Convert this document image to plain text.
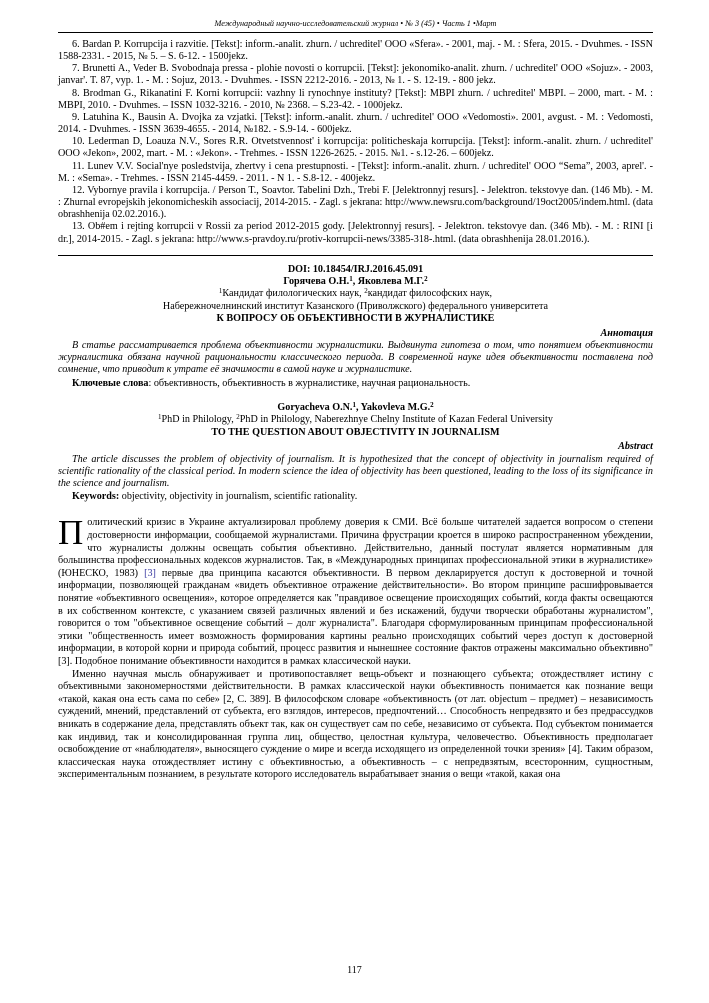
Международный научно-исследовательский журнал • № 3 (45) • Часть 1 •Март

6. Bardan P. Korrupcija i razvitie. [Tekst]: inform.-analit. zhurn. / uchreditel' OOO «Sfera». - 2001, maj. - M. : Sfera, 2015. - Dvuhmes. - ISSN 1588-2331. - 2015, № 5. – S. 6-12. - 1500jekz.

7. Brunetti A., Veder B. Svobodnaja pressa - plohie novosti o korrupcii. [Tekst]: jekonomiko-analit. zhurn. / uchreditel' OOO «Sojuz». - 2003, janvar'. T. 87, vyp. 1. - M. : Sojuz, 2013. - Dvuhmes. - ISSN 2212-2016. - 2013, № 1. - S. 12-19. - 800 jekz.

8. Brodman G., Rikanatini F. Korni korrupcii: vazhny li rynochnye instituty? [Tekst]: MBPI zhurn. / uchreditel' MBPI. – 2000, mart. - M. : MBPI, 2010. - Dvuhmes. – ISSN 1032-3216. - 2010, № 2368. – S.23-42. - 1000jekz.

9. Latuhina K., Bausin A. Dvojka za vzjatki. [Tekst]: inform.-analit. zhurn. / uchreditel' OOO «Vedomosti». 2001, avgust. - M. : Vedomosti, 2014. - Dvuhmes. - ISSN 3639-4655. - 2014, №182. - S.9-14. - 600jekz.

10. Lederman D, Loauza N.V., Sores R.R. Otvetstvennost' i korrupcija: politicheskaja korrupcija. [Tekst]: inform.-analit. zhurn. / uchreditel' OOO «Jekon», 2002, mart. - M. : «Jekon». - Trehmes. - ISSN 1226-2625. - 2015. №1. - s.12-26. – 600jekz.

11. Lunev V.V. Social'nye posledstvija, zhertvy i cena prestupnosti. - [Tekst]: inform.-analit. zhurn. / uchreditel' OOO “Sema”, 2003, aprel'. - M. : «Sema». - Trehmes. - ISSN 2145-4459. - 2011. - N 1. - S.8-12. - 400jekz.

12. Vybornye pravila i korrupcija. / Person T., Soavtor. Tabelini Dzh., Trebi F. [Jelektronnyj resurs]. - Jelektron. tekstovye dan. (146 Mb). - M. : Zhurnal evropejskih jekonomicheskih associacij, 2014-2015. - Zagl. s jekrana: http://www.newsru.com/background/19oct2005/indem.html. (data obrashhenija 02.02.2016.).

13. Ob#em i rejting korrupcii v Rossii za period 2012-2015 gody. [Jelektronnyj resurs]. - Jelektron. tekstovye dan. (346 Mb). - M. : RINI [i dr.], 2014-2015. - Zagl. s jekrana: http://www.s-pravdoy.ru/protiv-korrupcii-news/3385-318-.html. (data obrashhenija 28.01.2016.).

DOI: 10.18454/IRJ.2016.45.091
Горячева О.Н.$^1$, Яковлева М.Г.$^2$
$^1$Кандидат филологических наук, $^2$кандидат философских наук,
Набережночелнинский институт Казанского (Приволжского) федерального университета
К ВОПРОСУ ОБ ОБЪЕКТИВНОСТИ В ЖУРНАЛИСТИКЕ
Аннотация

В статье рассматривается проблема объективности журналистики. Выдвинута гипотеза о том, что понятием объективности журналистика обязана научной рациональности классического периода. В современной науке идея объективности поставлена под сомнение, что приводит к утрате её значимости в самой науке и журналистике.

Ключевые слова: объективность, объективность в журналистике, научная рациональность.

Goryacheva O.N.$^1$, Yakovleva M.G.$^2$
$^1$PhD in Philology, $^2$PhD in Philology, Naberezhnye Chelny Institute of Kazan Federal University
TO THE QUESTION ABOUT OBJECTIVITY IN JOURNALISM
Abstract

The article discusses the problem of objectivity of journalism. It is hypothesized that the concept of objectivity in journalism required of scientific rationality of the classical period. In modern science the idea of objectivity has been questioned, leading to the loss of its significance in the science and journalism.

Keywords: objectivity, objectivity in journalism, scientific rationality.

Политический кризис в Украине актуализировал проблему доверия к СМИ. Всё больше читателей задается вопросом о степени достоверности информации, сообщаемой журналистами. Причина фрустрации кроется в широко распространенном убеждении, что журналисты должны освещать события объективно. Действительно, данный постулат является нормативным для большинства профессиональных кодексов журналистов. Так, в «Международных принципах профессиональной этики в журналистике» (ЮНЕСКО, 1983) [3] первые два принципа касаются объективности. В первом декларируется доступ к достоверной и точной информации, позволяющей гражданам «видеть объективное отражение действительности». Во втором принципе расшифровывается понятие «объективного освещения», которое определяется как "правдивое освещение происходящих событий, когда факты освещаются в их собственном контексте, с указанием связей различных явлений и без искажений, будучи творчески обработаны журналистом", говорится о том "объективное освещение событий – долг журналиста". Благодаря сформулированным принципам профессиональной этики "общественность имеет возможность формирования картины реально происходящих событий через доступ к достоверной информации, в которой корни и природа событий, процесс развития и нынешнее состояние фактов отражены максимально объективно" [3]. Подобное понимание объективности находится в рамках классической науки.

Именно научная мысль обнаруживает и противопоставляет вещь-объект и познающего субъекта; отождествляет истину с объективными закономерностями действительности. В рамках классической науки объективность понимается как познание вещи «такой, какая она есть сама по себе» [2, С. 389]. В философском словаре «объективность (от лат. objectum – предмет) – независимость суждений, мнений, представлений от субъекта, его взглядов, интересов, предпочтений… Способность непредвзято и без предрассудков вникать в содержание дела, представлять объект так, как он существует сам по себе, независимо от субъекта. Под субъектом понимается как индивид, так и консолидированная группа лиц, общество, целостная культура, человечество. Объективность предполагает освобождение от «наблюдателя», выносящего суждение о мире и всегда исходящего из определенной точки зрения» [4]. Таким образом, классическая наука отождествляет истину с объективностью, а объективность – с непредвзятым, всесторонним, сущностным, экспериментальным познанием, в результате которого исследователь вырабатывает знания о вещи «такой, какая она

117
